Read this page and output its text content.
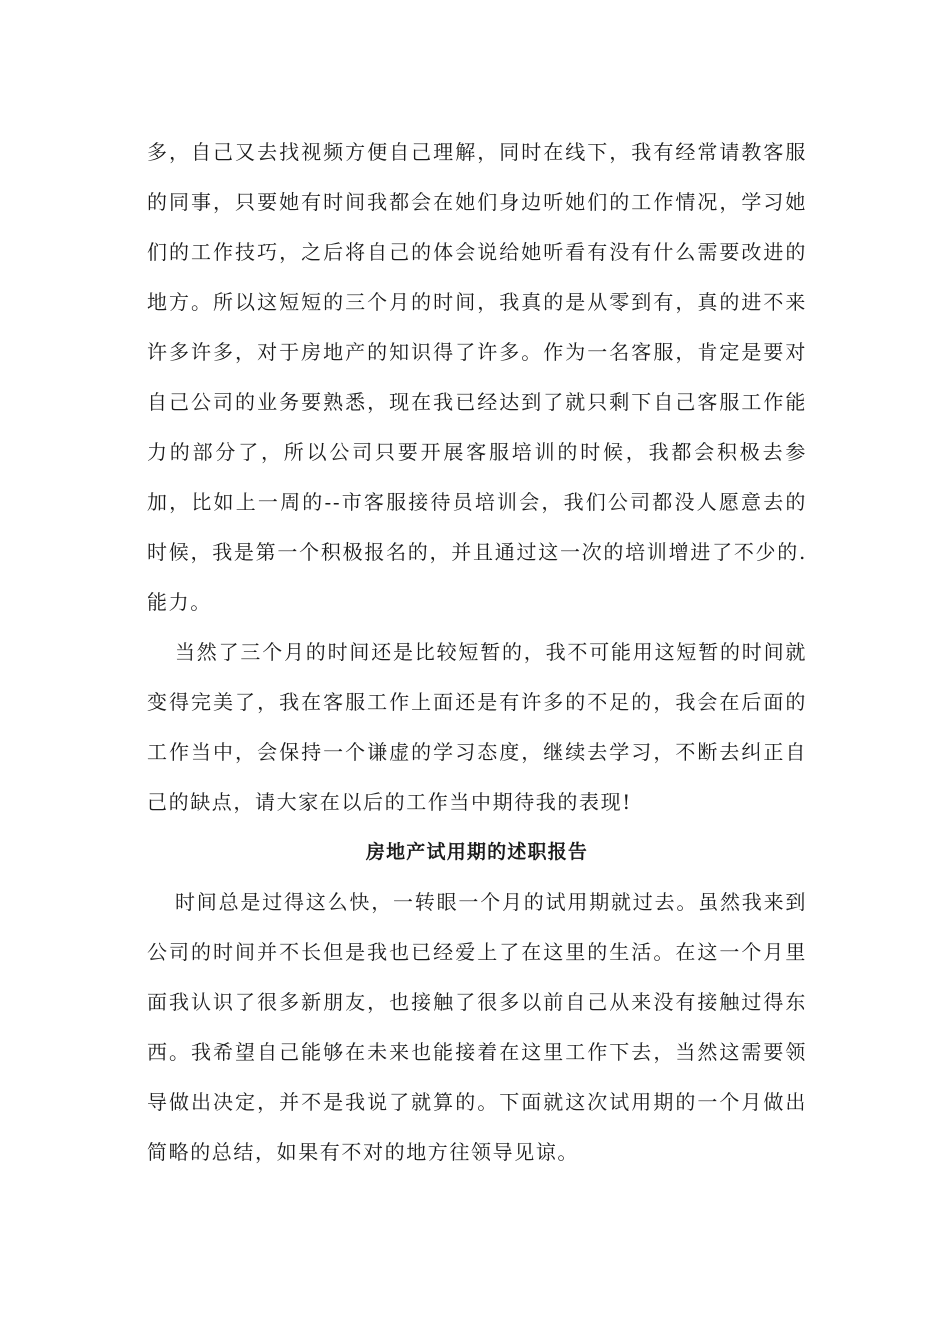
多，自己又去找视频方便自己理解，同时在线下，我有经常请教客服的同事，只要她有时间我都会在她们身边听她们的工作情况，学习她们的工作技巧，之后将自己的体会说给她听看有没有什么需要改进的地方。所以这短短的三个月的时间，我真的是从零到有，真的进不来许多许多，对于房地产的知识得了许多。作为一名客服，肯定是要对自己公司的业务要熟悉，现在我已经达到了就只剩下自己客服工作能力的部分了，所以公司只要开展客服培训的时候，我都会积极去参加，比如上一周的--市客服接待员培训会，我们公司都没人愿意去的时候，我是第一个积极报名的，并且通过这一次的培训增进了不少的.能力。

当然了三个月的时间还是比较短暂的，我不可能用这短暂的时间就变得完美了，我在客服工作上面还是有许多的不足的，我会在后面的工作当中，会保持一个谦虚的学习态度，继续去学习，不断去纠正自己的缺点，请大家在以后的工作当中期待我的表现!

房地产试用期的述职报告

时间总是过得这么快，一转眼一个月的试用期就过去。虽然我来到公司的时间并不长但是我也已经爱上了在这里的生活。在这一个月里面我认识了很多新朋友，也接触了很多以前自己从来没有接触过得东西。我希望自己能够在未来也能接着在这里工作下去，当然这需要领导做出决定，并不是我说了就算的。下面就这次试用期的一个月做出简略的总结，如果有不对的地方往领导见谅。
